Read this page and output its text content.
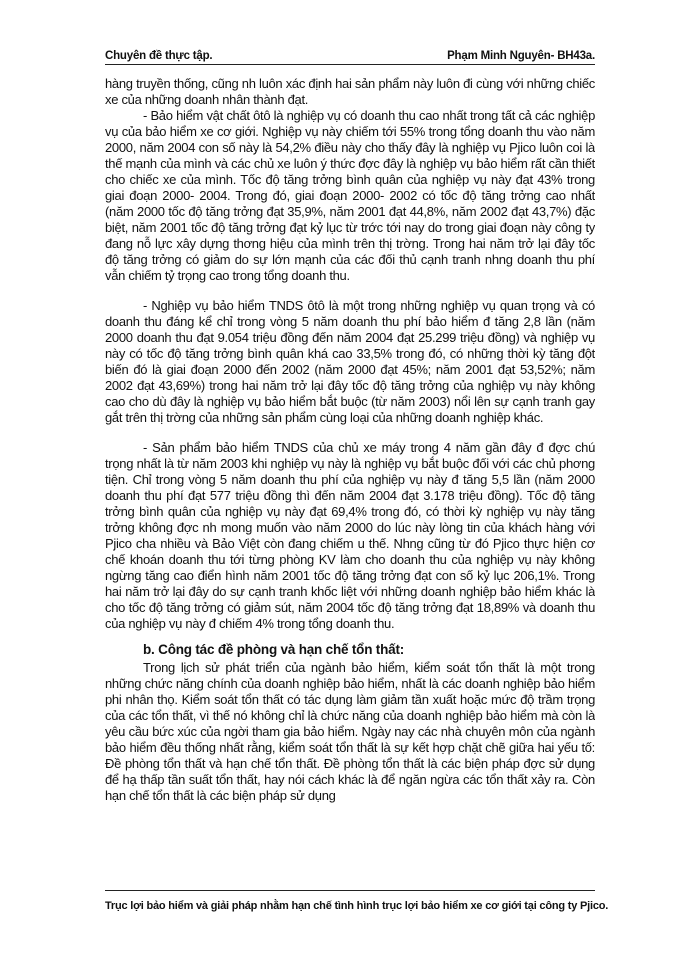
Chuyên đề thực tập.	Phạm Minh Nguyên- BH43a.

hàng truyền thống, cũng nh luôn xác định hai sản phẩm này luôn đi cùng với những chiếc xe của những doanh nhân thành đạt.

- Bảo hiểm vật chất ôtô là nghiệp vụ có doanh thu cao nhất trong tất cả các nghiệp vụ của bảo hiểm xe cơ giới. Nghiệp vụ này chiếm tới 55% trong tổng doanh thu vào năm 2000, năm 2004 con số này là 54,2% điều này cho thấy đây là nghiệp vụ Pjico luôn coi là thế mạnh của mình và các chủ xe luôn ý thức đợc đây là nghiệp vụ bảo hiểm rất cần thiết cho chiếc xe của mình. Tốc độ tăng trởng bình quân của nghiệp vụ này đạt 43% trong giai đoạn 2000- 2004. Trong đó, giai đoạn 2000- 2002 có tốc độ tăng trởng cao nhất (năm 2000 tốc độ tăng trởng đạt 35,9%, năm 2001 đạt 44,8%, năm 2002 đạt 43,7%) đặc biệt, năm 2001 tốc độ tăng trởng đạt kỷ lục từ trớc tới nay do trong giai đoạn này công ty đang nỗ lực xây dựng thơng hiệu của mình trên thị trờng. Trong hai năm trở lại đây tốc độ tăng trởng có giảm do sự lớn mạnh của các đối thủ cạnh tranh nhng doanh thu phí vẫn chiếm tỷ trọng cao trong tổng doanh thu.

- Nghiệp vụ bảo hiểm TNDS ôtô là một trong những nghiệp vụ quan trọng và có doanh thu đáng kể chỉ trong vòng 5 năm doanh thu phí bảo hiểm đ tăng 2,8 lần (năm 2000 doanh thu đạt 9.054 triệu đồng đến năm 2004 đạt 25.299 triệu đồng) và nghiệp vụ này có tốc độ tăng trởng bình quân khá cao 33,5% trong đó, có những thời kỳ tăng đột biến đó là giai đoạn 2000 đến 2002 (năm 2000 đạt 45%; năm 2001 đạt 53,52%; năm 2002 đạt 43,69%) trong hai năm trở lại đây tốc độ tăng trởng của nghiệp vụ này không cao cho dù đây là nghiệp vụ bảo hiểm bắt buộc (từ năm 2003) nổi lên sự cạnh tranh gay gắt trên thị trờng của những sản phẩm cùng loại của những doanh nghiệp khác.

- Sản phẩm bảo hiểm TNDS của chủ xe máy trong 4 năm gần đây đ đợc chú trọng nhất là từ năm 2003 khi nghiệp vụ này là nghiệp vụ bắt buộc đối với các chủ phơng tiện. Chỉ trong vòng 5 năm doanh thu phí của nghiệp vụ này đ tăng 5,5 lần (năm 2000 doanh thu phí đạt 577 triệu đồng thì đến năm 2004 đạt 3.178 triệu đồng). Tốc độ tăng trởng bình quân của nghiệp vụ này đạt 69,4% trong đó, có thời kỳ nghiệp vụ này tăng trởng không đợc nh mong muốn vào năm 2000 do lúc này lòng tin của khách hàng với Pjico cha nhiều và Bảo Việt còn đang chiếm u thế. Nhng cũng từ đó Pjico thực hiện cơ chế khoán doanh thu tới từng phòng KV làm cho doanh thu của nghiệp vụ này không ngừng tăng cao điển hình năm 2001 tốc độ tăng trởng đạt con số kỷ lục 206,1%. Trong hai năm trở lại đây do sự cạnh tranh khốc liệt với những doanh nghiệp bảo hiểm khác là cho tốc độ tăng trởng có giảm sút, năm 2004 tốc độ tăng trởng đạt 18,89% và doanh thu của nghiệp vụ này đ chiếm 4% trong tổng doanh thu.

b. Công tác đề phòng và hạn chế tổn thất:

Trong lịch sử phát triển của ngành bảo hiểm, kiểm soát tổn thất là một trong những chức năng chính của doanh nghiệp bảo hiểm, nhất là các doanh nghiệp bảo hiểm phi nhân thọ. Kiểm soát tổn thất có tác dụng làm giảm tần xuất hoặc mức độ trầm trọng của các tổn thất, vì thế nó không chỉ là chức năng của doanh nghiệp bảo hiểm mà còn là yêu cầu bức xúc của ngời tham gia bảo hiểm. Ngày nay các nhà chuyên môn của ngành bảo hiểm đều thống nhất rằng, kiểm soát tổn thất là sự kết hợp chặt chẽ giữa hai yếu tố: Đề phòng tổn thất và hạn chế tổn thất. Đề phòng tổn thất là các biện pháp đợc sử dụng để hạ thấp tần suất tổn thất, hay nói cách khác là để ngăn ngừa các tổn thất xảy ra. Còn hạn chế tổn thất là các biện pháp sử dụng

Trục lợi bảo hiểm và giải pháp nhằm hạn chế tình hình trục lợi bảo hiểm xe cơ giới tại công ty Pjico.
